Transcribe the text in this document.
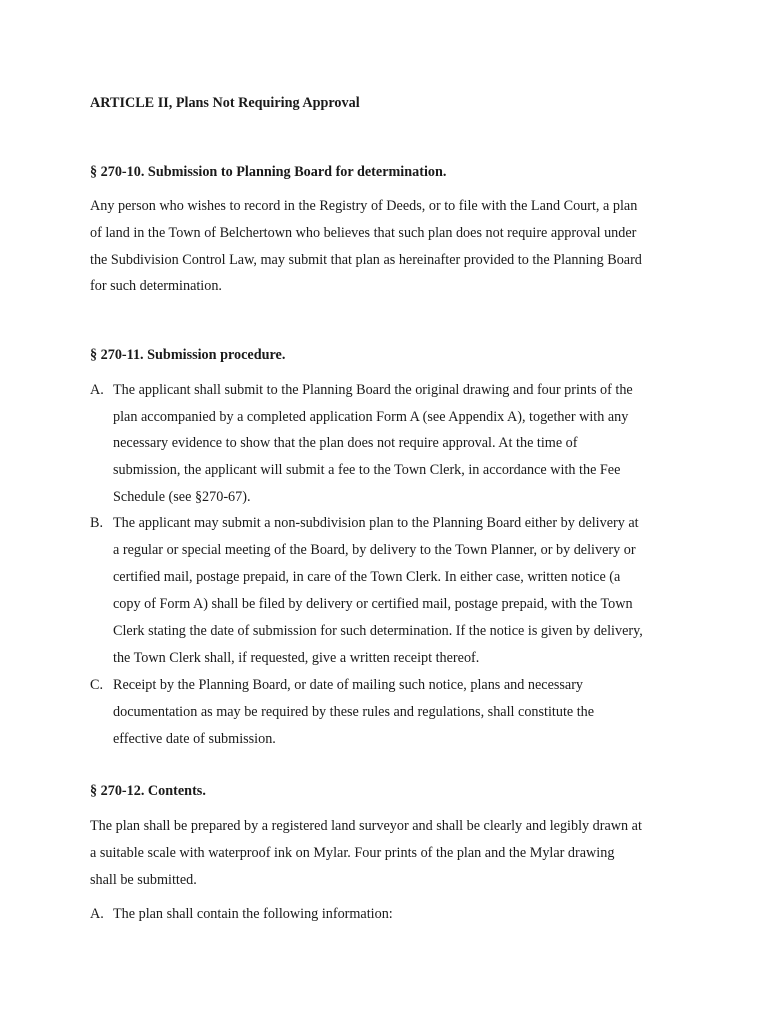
ARTICLE II, Plans Not Requiring Approval
§ 270-10. Submission to Planning Board for determination.
Any person who wishes to record in the Registry of Deeds, or to file with the Land Court, a plan
of land in the Town of Belchertown who believes that such plan does not require approval under
the Subdivision Control Law, may submit that plan as hereinafter provided to the Planning Board
for such determination.
§ 270-11. Submission procedure.
A. The applicant shall submit to the Planning Board the original drawing and four prints of the
plan accompanied by a completed application Form A (see Appendix A), together with any
necessary evidence to show that the plan does not require approval. At the time of
submission, the applicant will submit a fee to the Town Clerk, in accordance with the Fee
Schedule (see §270-67).
B. The applicant may submit a non-subdivision plan to the Planning Board either by delivery at
a regular or special meeting of the Board, by delivery to the Town Planner, or by delivery or
certified mail, postage prepaid, in care of the Town Clerk. In either case, written notice (a
copy of Form A) shall be filed by delivery or certified mail, postage prepaid, with the Town
Clerk stating the date of submission for such determination. If the notice is given by delivery,
the Town Clerk shall, if requested, give a written receipt thereof.
C. Receipt by the Planning Board, or date of mailing such notice, plans and necessary
documentation as may be required by these rules and regulations, shall constitute the
effective date of submission.
§ 270-12. Contents.
The plan shall be prepared by a registered land surveyor and shall be clearly and legibly drawn at
a suitable scale with waterproof ink on Mylar. Four prints of the plan and the Mylar drawing
shall be submitted.
A. The plan shall contain the following information:
